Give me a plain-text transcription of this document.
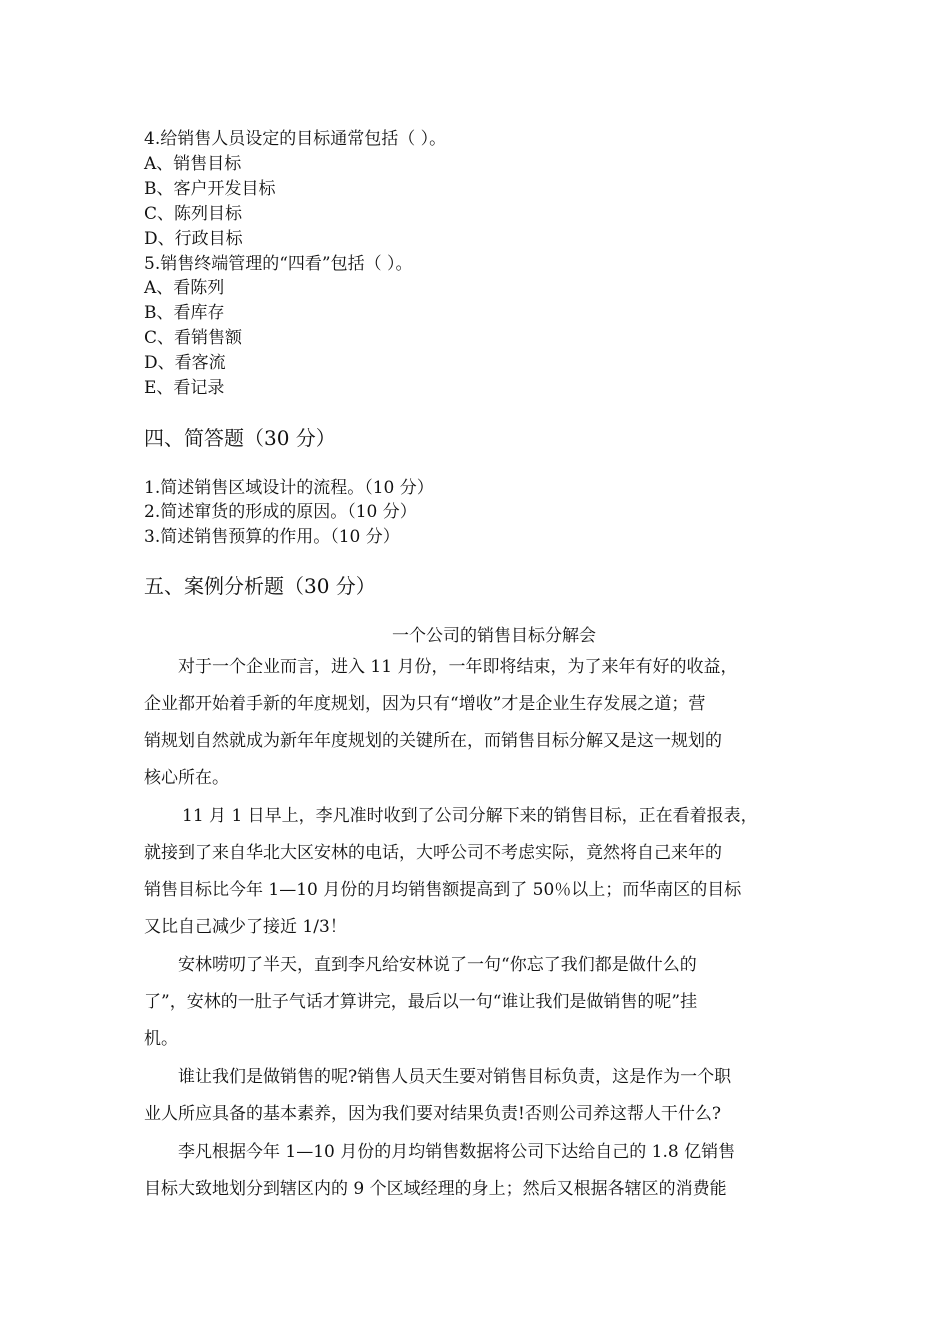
4.给销售人员设定的目标通常包括（ ）。
A、销售目标
B、客户开发目标
C、陈列目标
D、行政目标
5.销售终端管理的“四看”包括（ ）。
A、看陈列
B、看库存
C、看销售额
D、看客流
E、看记录
四、简答题（30 分）
1.简述销售区域设计的流程。（10 分）
2.简述窜货的形成的原因。（10 分）
3.简述销售预算的作用。（10 分）
五、案例分析题（30 分）
一个公司的销售目标分解会
对于一个企业而言，进入 11 月份，一年即将结束，为了来年有好的收益，
企业都开始着手新的年度规划，因为只有“增收”才是企业生存发展之道；营
销规划自然就成为新年年度规划的关键所在，而销售目标分解又是这一规划的
核心所在。
11 月 1 日早上，李凡准时收到了公司分解下来的销售目标，正在看着报表，
就接到了来自华北大区安林的电话，大呼公司不考虑实际，竟然将自己来年的
销售目标比今年 1—10 月份的月均销售额提高到了 50％以上；而华南区的目标
又比自己减少了接近 1/3！
安林唠叨了半天，直到李凡给安林说了一句“你忘了我们都是做什么的
了”，安林的一肚子气话才算讲完，最后以一句“谁让我们是做销售的呢”挂
机。
谁让我们是做销售的呢?销售人员天生要对销售目标负责，这是作为一个职
业人所应具备的基本素养，因为我们要对结果负责!否则公司养这帮人干什么?
李凡根据今年 1—10 月份的月均销售数据将公司下达给自己的 1.8 亿销售
目标大致地划分到辖区内的 9 个区域经理的身上；然后又根据各辖区的消费能
